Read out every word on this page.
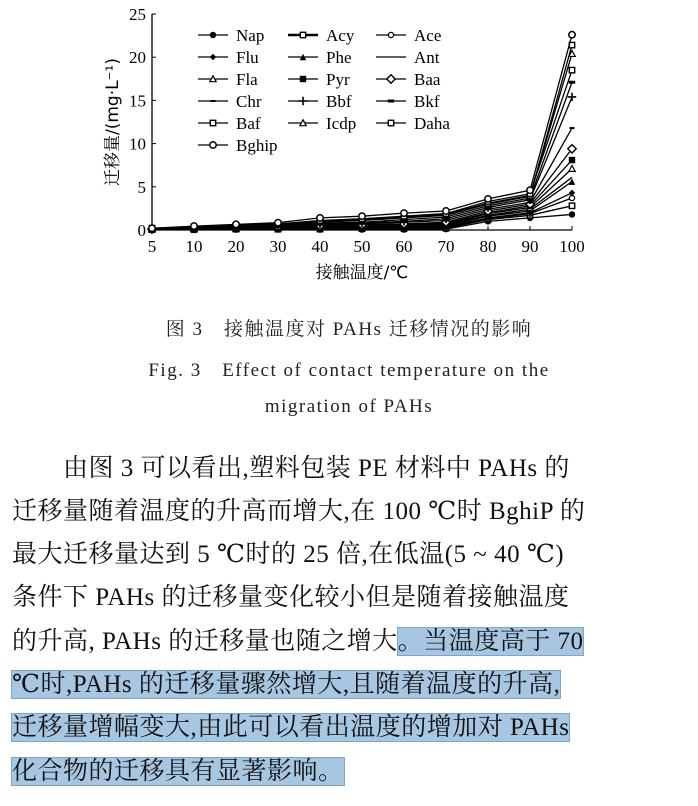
0
5
10
15
20
25
5 10 20 30 40 50 60 70 80 90 100
Nap	Acy	Ace
Flu	Phe	Ant
Fla	Pyr	Baa
Chr	Bbf	Bkf
Baf	Icdp	Daha
Bghip
接触温度/℃
迁移量/(mg·L⁻¹)
图 3　接触温度对 PAHs 迁移情况的影响
Fig. 3　Effect of contact temperature on the
migration of PAHs
　　由图 3 可以看出,塑料包装 PE 材料中 PAHs 的
迁移量随着温度的升高而增大,在 100 ℃时 BghiP 的
最大迁移量达到 5 ℃时的 25 倍,在低温(5 ~ 40 ℃)
条件下 PAHs 的迁移量变化较小但是随着接触温度
的升高, PAHs 的迁移量也随之增大。当温度高于 70
℃时,PAHs 的迁移量骤然增大,且随着温度的升高,
迁移量增幅变大,由此可以看出温度的增加对 PAHs
化合物的迁移具有显著影响。
